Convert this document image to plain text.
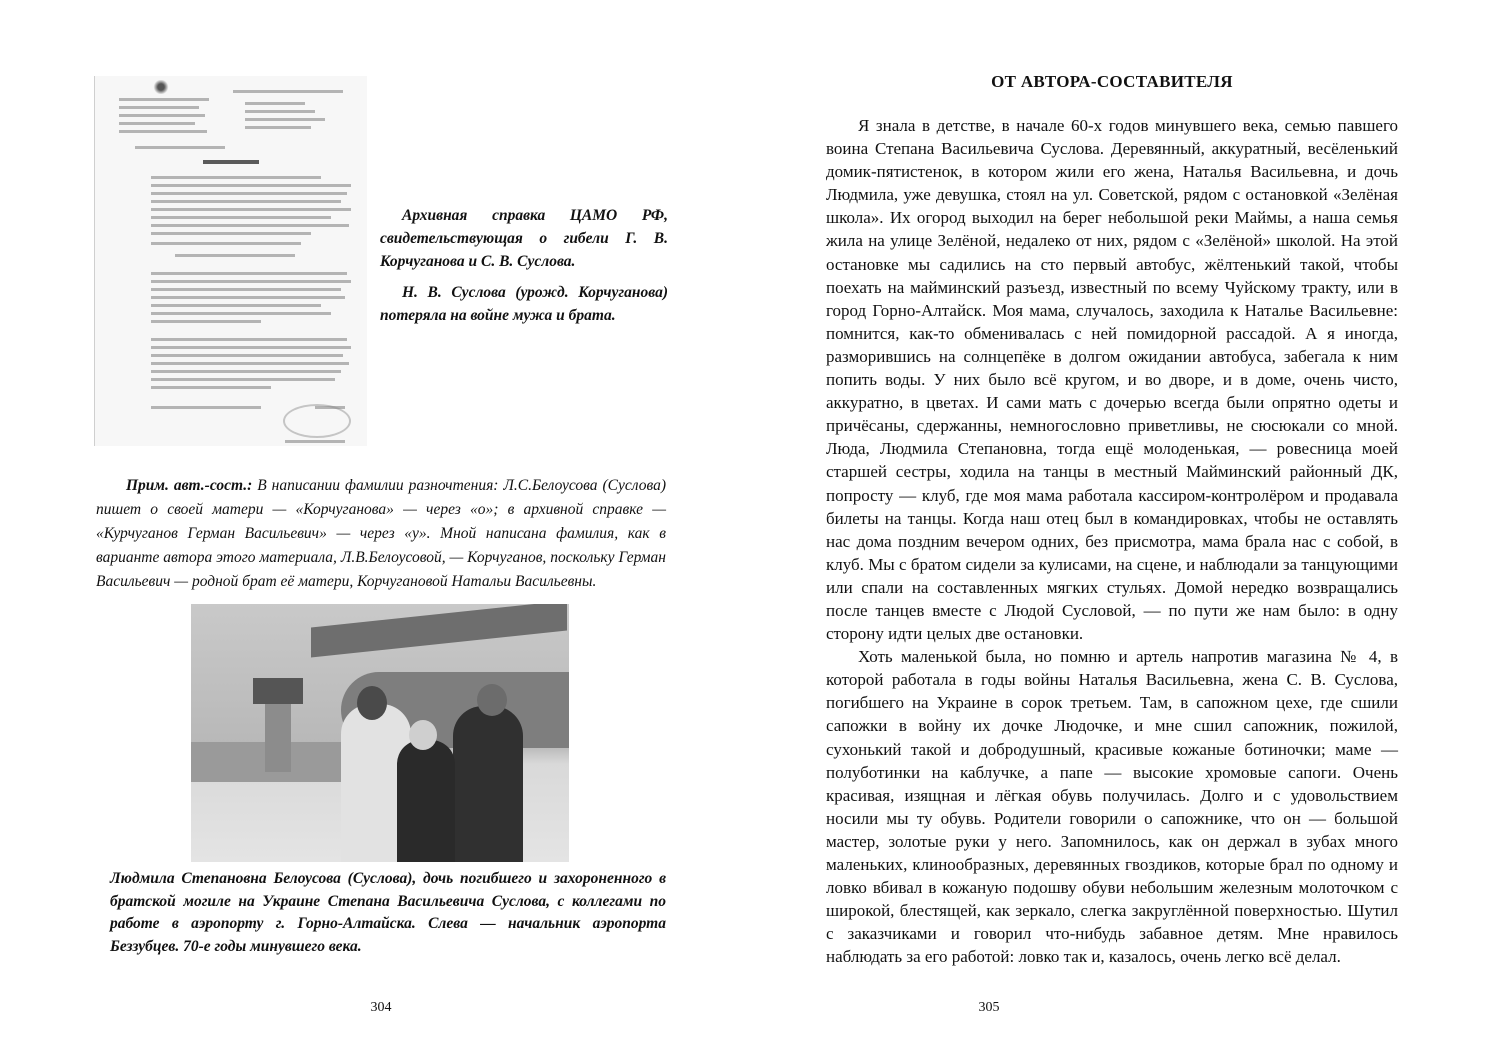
Архивная справка ЦАМО РФ, свидетельствующая о гибели Г. В. Корчуганова и С. В. Суслова.

Н. В. Суслова (урожд. Корчуганова) потеряла на войне мужа и брата.

Прим. авт.-сост.: В написании фамилии разночтения: Л.С.Белоусова (Суслова) пишет о своей матери — «Корчуганова» — через «о»; в архивной справке — «Курчуганов Герман Васильевич» — через «у». Мной написана фамилия, как в варианте автора этого материала, Л.В.Белоусовой, — Корчуганов, поскольку Герман Васильевич — родной брат её матери, Корчугановой Натальи Васильевны.
Людмила Степановна Белоусова (Суслова), дочь погибшего и захороненного в братской могиле на Украине Степана Васильевича Суслова, с коллегами по работе в аэропорту г. Горно-Алтайска. Слева — начальник аэропорта Беззубцев. 70-е годы минувшего века.
304
ОТ АВТОРА-СОСТАВИТЕЛЯ

Я знала в детстве, в начале 60-х годов минувшего века, семью павшего воина Степана Васильевича Суслова. Деревянный, аккуратный, весёленький домик-пятистенок, в котором жили его жена, Наталья Васильевна, и дочь Людмила, уже девушка, стоял на ул. Советской, рядом с остановкой «Зелёная школа». Их огород выходил на берег небольшой реки Маймы, а наша семья жила на улице Зелёной, недалеко от них, рядом с «Зелёной» школой. На этой остановке мы садились на сто первый автобус, жёлтенький такой, чтобы поехать на майминский разъезд, известный по всему Чуйскому тракту, или в город Горно-Алтайск. Моя мама, случалось, заходила к Наталье Васильевне: помнится, как-то обменивалась с ней помидорной рассадой. А я иногда, разморившись на солнцепёке в долгом ожидании автобуса, забегала к ним попить воды. У них было всё кругом, и во дворе, и в доме, очень чисто, аккуратно, в цветах. И сами мать с дочерью всегда были опрятно одеты и причёсаны, сдержанны, немногословно приветливы, не сюсюкали со мной. Люда, Людмила Степановна, тогда ещё молоденькая, — ровесница моей старшей сестры, ходила на танцы в местный Майминский районный ДК, попросту — клуб, где моя мама работала кассиром-контролёром и продавала билеты на танцы. Когда наш отец был в командировках, чтобы не оставлять нас дома поздним вечером одних, без присмотра, мама брала нас с собой, в клуб. Мы с братом сидели за кулисами, на сцене, и наблюдали за танцующими или спали на составленных мягких стульях. Домой нередко возвращались после танцев вместе с Людой Сусловой, — по пути же нам было: в одну сторону идти целых две остановки.

Хоть маленькой была, но помню и артель напротив магазина № 4, в которой работала в годы войны Наталья Васильевна, жена С. В. Суслова, погибшего на Украине в сорок третьем. Там, в сапожном цехе, где сшили сапожки в войну их дочке Людочке, и мне сшил сапожник, пожилой, сухонький такой и добродушный, красивые кожаные ботиночки; маме — полуботинки на каблучке, а папе — высокие хромовые сапоги. Очень красивая, изящная и лёгкая обувь получилась. Долго и с удовольствием носили мы ту обувь. Родители говорили о сапожнике, что он — большой мастер, золотые руки у него. Запомнилось, как он держал в зубах много маленьких, клинообразных, деревянных гвоздиков, которые брал по одному и ловко вбивал в кожаную подошву обуви небольшим железным молоточком с широкой, блестящей, как зеркало, слегка закруглённой поверхностью. Шутил с заказчиками и говорил что-нибудь забавное детям. Мне нравилось наблюдать за его работой: ловко так и, казалось, очень легко всё делал.

305
